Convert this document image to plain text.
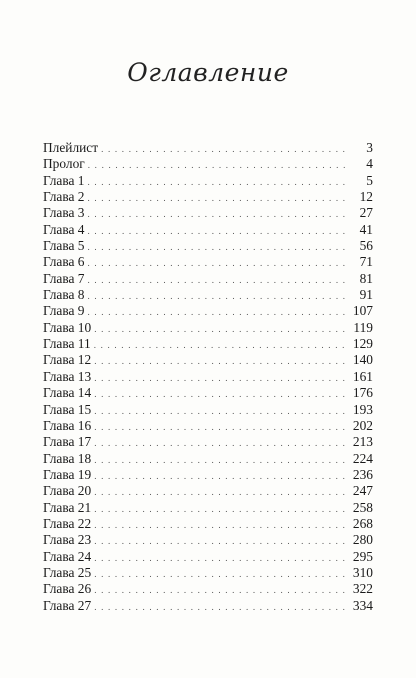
Оглавление
Плейлист . . .	3
Пролог . . .	4
Глава 1 . . .	5
Глава 2 . . .	12
Глава 3 . . .	27
Глава 4 . . .	41
Глава 5 . . .	56
Глава 6 . . .	71
Глава 7 . . .	81
Глава 8 . . .	91
Глава 9 . . .	107
Глава 10 . . .	119
Глава 11 . . .	129
Глава 12 . . .	140
Глава 13 . . .	161
Глава 14 . . .	176
Глава 15 . . .	193
Глава 16 . . .	202
Глава 17 . . .	213
Глава 18 . . .	224
Глава 19 . . .	236
Глава 20 . . .	247
Глава 21 . . .	258
Глава 22 . . .	268
Глава 23 . . .	280
Глава 24 . . .	295
Глава 25 . . .	310
Глава 26 . . .	322
Глава 27 . . .	334
